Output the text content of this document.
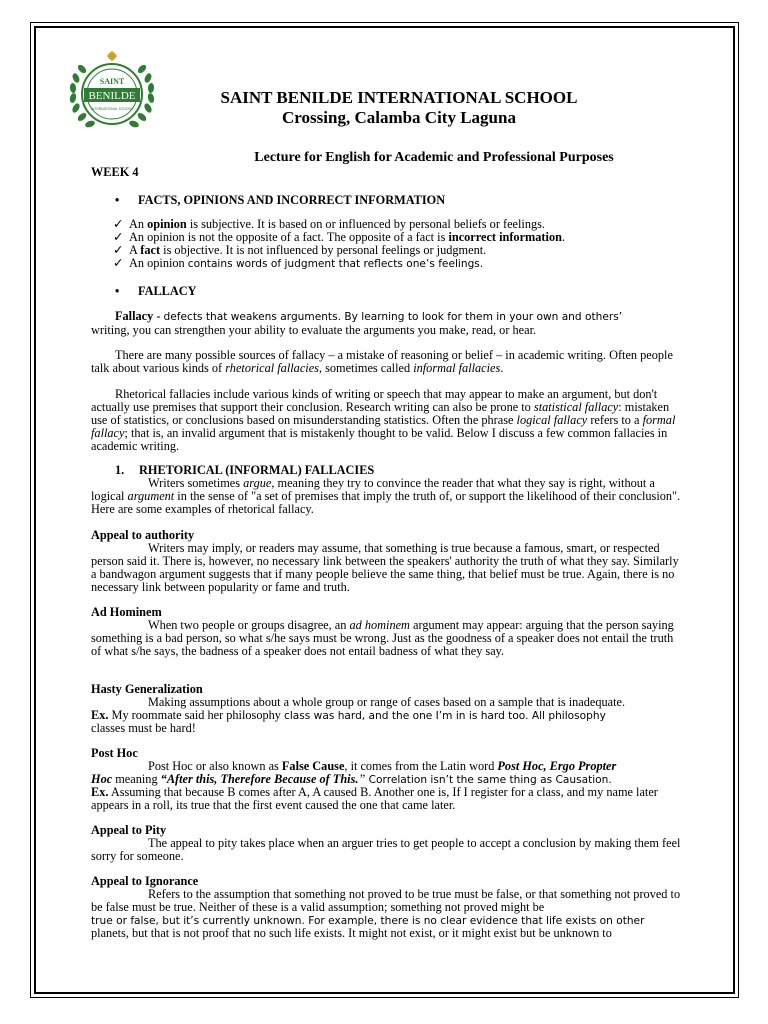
BENILDE
SAINT
INTERNATIONAL SCHOOL
SAINT BENILDE INTERNATIONAL SCHOOL
Crossing, Calamba City Laguna
Lecture for English for Academic and Professional Purposes
WEEK 4
• FACTS, OPINIONS AND INCORRECT INFORMATION
✓ An opinion is subjective. It is based on or influenced by personal beliefs or feelings.
✓ An opinion is not the opposite of a fact. The opposite of a fact is incorrect information.
✓ A fact is objective. It is not influenced by personal feelings or judgment.
✓ An opinion contains words of judgment that reflects one’s feelings.
• FALLACY

Fallacy - defects that weakens arguments. By learning to look for them in your own and others’

writing, you can strengthen your ability to evaluate the arguments you make, read, or hear.

There are many possible sources of fallacy – a mistake of reasoning or belief – in academic writing. Often people talk about various kinds of rhetorical fallacies, sometimes called informal fallacies.

Rhetorical fallacies include various kinds of writing or speech that may appear to make an argument, but don't actually use premises that support their conclusion. Research writing can also be prone to statistical fallacy: mistaken use of statistics, or conclusions based on misunderstanding statistics. Often the phrase logical fallacy refers to a formal fallacy; that is, an invalid argument that is mistakenly thought to be valid. Below I discuss a few common fallacies in academic writing.

1. RHETORICAL (INFORMAL) FALLACIES

Writers sometimes argue, meaning they try to convince the reader that what they say is right, without a logical argument in the sense of "a set of premises that imply the truth of, or support the likelihood of their conclusion". Here are some examples of rhetorical fallacy.

Appeal to authority

Writers may imply, or readers may assume, that something is true because a famous, smart, or respected person said it. There is, however, no necessary link between the speakers' authority the truth of what they say. Similarly a bandwagon argument suggests that if many people believe the same thing, that belief must be true. Again, there is no necessary link between popularity or fame and truth.

Ad Hominem

When two people or groups disagree, an ad hominem argument may appear: arguing that the person saying something is a bad person, so what s/he says must be wrong. Just as the goodness of a speaker does not entail the truth of what s/he says, the badness of a speaker does not entail badness of what they say.

Hasty Generalization

Making assumptions about a whole group or range of cases based on a sample that is inadequate.

Ex. My roommate said her philosophy class was hard, and the one I’m in is hard too. All philosophy

classes must be hard!

Post Hoc

Post Hoc or also known as False Cause, it comes from the Latin word Post Hoc, Ergo Propter

Hoc meaning “After this, Therefore Because of This.” Correlation isn’t the same thing as Causation.

Ex. Assuming that because B comes after A, A caused B. Another one is, If I register for a class, and my name later appears in a roll, its true that the first event caused the one that came later.

Appeal to Pity

The appeal to pity takes place when an arguer tries to get people to accept a conclusion by making them feel sorry for someone.

Appeal to Ignorance

Refers to the assumption that something not proved to be true must be false, or that something not proved to be false must be true. Neither of these is a valid assumption; something not proved might be

true or false, but it’s currently unknown. For example, there is no clear evidence that life exists on other

planets, but that is not proof that no such life exists. It might not exist, or it might exist but be unknown to
